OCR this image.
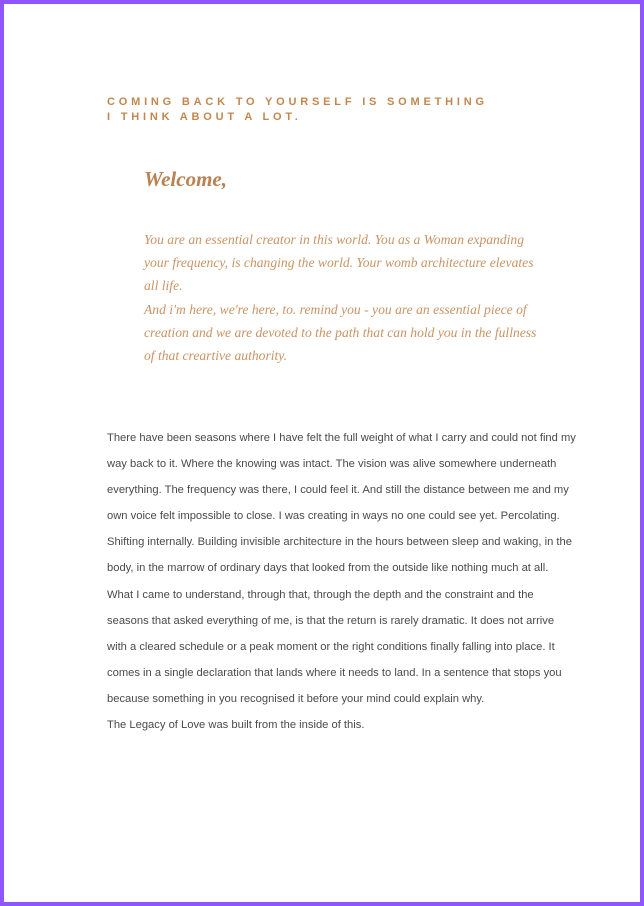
COMING BACK TO YOURSELF IS SOMETHING I THINK ABOUT A LOT.
Welcome,

You are an essential creator in this world. You as a Woman expanding your frequency, is changing the world. Your womb architecture elevates all life.

And i'm here, we're here, to. remind you - you are an essential piece of creation and we are devoted to the path that can hold you in the fullness of that creartive authority.

There have been seasons where I have felt the full weight of what I carry and could not find my way back to it. Where the knowing was intact. The vision was alive somewhere underneath everything. The frequency was there, I could feel it. And still the distance between me and my own voice felt impossible to close. I was creating in ways no one could see yet. Percolating. Shifting internally. Building invisible architecture in the hours between sleep and waking, in the body, in the marrow of ordinary days that looked from the outside like nothing much at all. What I came to understand, through that, through the depth and the constraint and the seasons that asked everything of me, is that the return is rarely dramatic. It does not arrive with a cleared schedule or a peak moment or the right conditions finally falling into place. It comes in a single declaration that lands where it needs to land. In a sentence that stops you because something in you recognised it before your mind could explain why.

The Legacy of Love was built from the inside of this.
